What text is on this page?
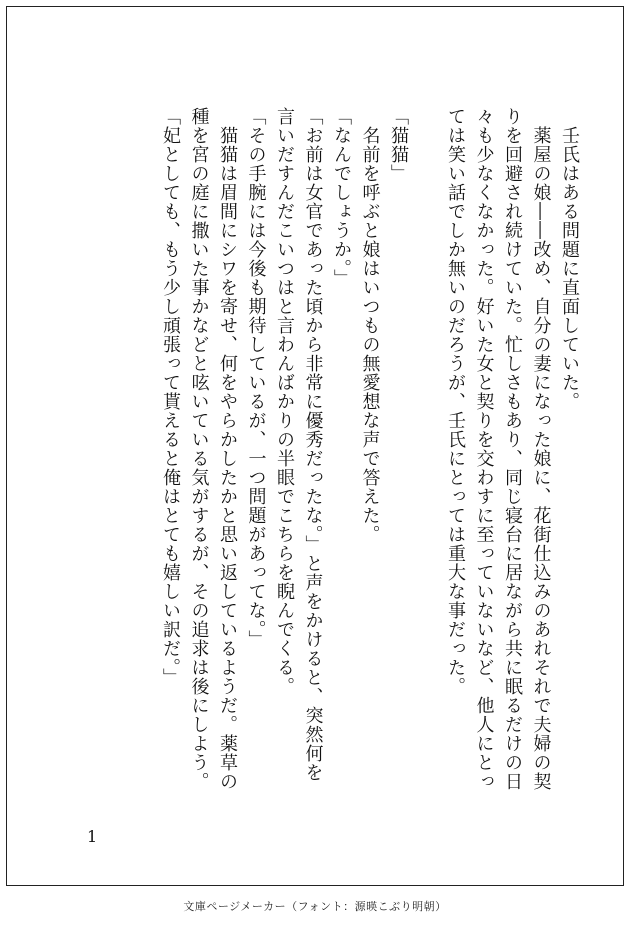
　壬氏はある問題に直面していた。
　薬屋の娘――改め、自分の妻になった娘に、花街仕込みのあれそれで夫婦の契
りを回避され続けていた。忙しさもあり、同じ寝台に居ながら共に眠るだけの日
々も少なくなかった。好いた女と契りを交わすに至っていないなど、他人にとっ
ては笑い話でしか無いのだろうが、壬氏にとっては重大な事だった。

「猫猫」
　名前を呼ぶと娘はいつもの無愛想な声で答えた。
「なんでしょうか。」
「お前は女官であった頃から非常に優秀だったな。」と声をかけると、突然何を
言いだすんだこいつはと言わんばかりの半眼でこちらを睨んでくる。
「その手腕には今後も期待しているが、一つ問題があってな。」
　猫猫は眉間にシワを寄せ、何をやらかしたかと思い返しているようだ。薬草の
種を宮の庭に撒いた事かなどと呟いている気がするが、その追求は後にしよう。
「妃としても、もう少し頑張って貰えると俺はとても嬉しい訳だ。」
1
文庫ページメーカー（フォント：源暎こぶり明朝）
